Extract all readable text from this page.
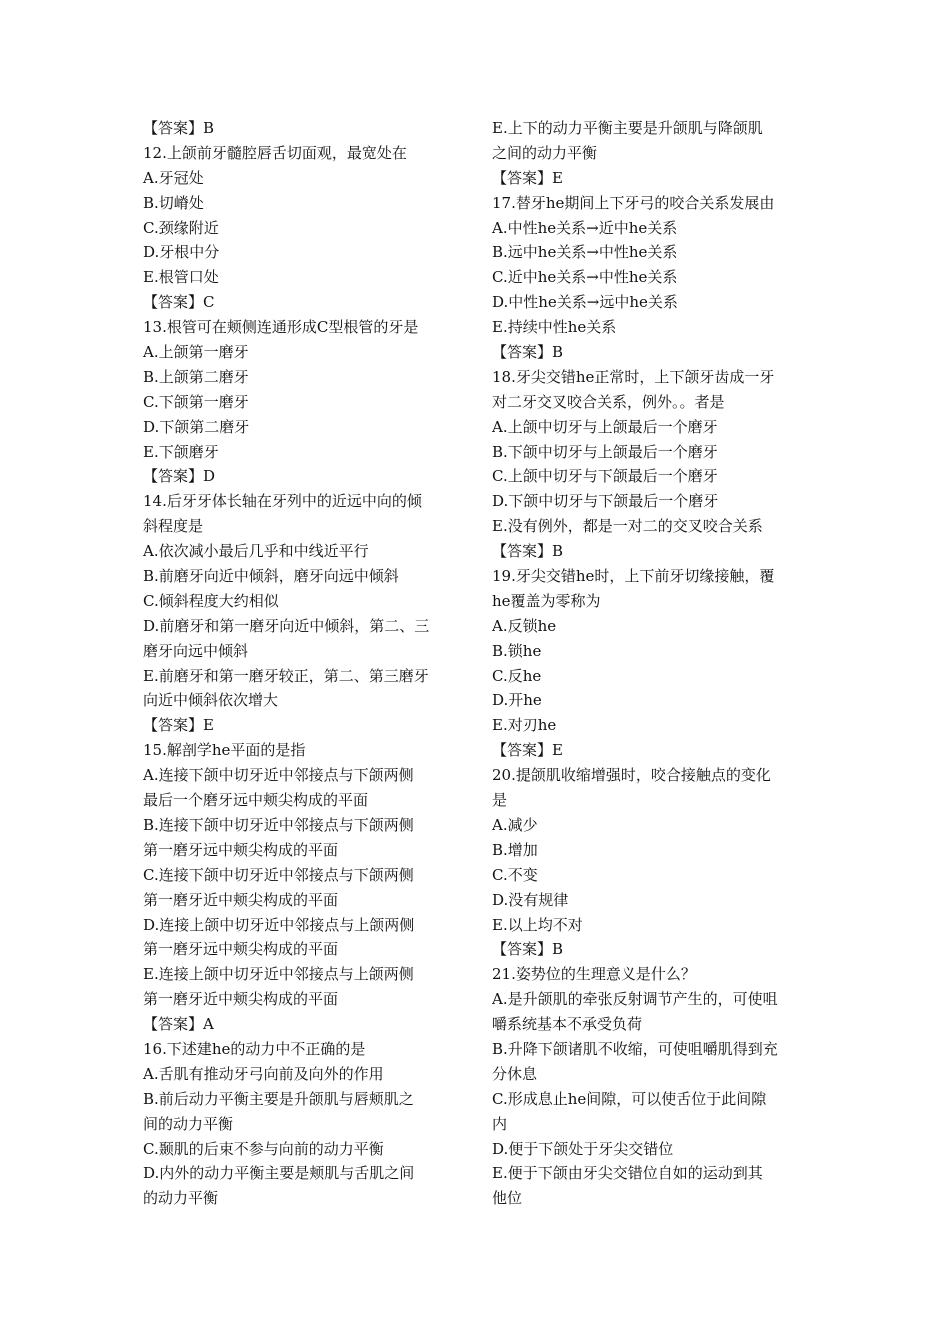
【答案】B
12.上颌前牙髓腔唇舌切面观，最宽处在
A.牙冠处
B.切嵴处
C.颈缘附近
D.牙根中分
E.根管口处
【答案】C
13.根管可在颊侧连通形成C型根管的牙是
A.上颌第一磨牙
B.上颌第二磨牙
C.下颌第一磨牙
D.下颌第二磨牙
E.下颌磨牙
【答案】D
14.后牙牙体长轴在牙列中的近远中向的倾
斜程度是
A.依次减小最后几乎和中线近平行
B.前磨牙向近中倾斜，磨牙向远中倾斜
C.倾斜程度大约相似
D.前磨牙和第一磨牙向近中倾斜，第二、三
磨牙向远中倾斜
E.前磨牙和第一磨牙较正，第二、第三磨牙
向近中倾斜依次增大
【答案】E
15.解剖学he平面的是指
A.连接下颌中切牙近中邻接点与下颌两侧
最后一个磨牙远中颊尖构成的平面
B.连接下颌中切牙近中邻接点与下颌两侧
第一磨牙远中颊尖构成的平面
C.连接下颌中切牙近中邻接点与下颌两侧
第一磨牙近中颊尖构成的平面
D.连接上颌中切牙近中邻接点与上颌两侧
第一磨牙远中颊尖构成的平面
E.连接上颌中切牙近中邻接点与上颌两侧
第一磨牙近中颊尖构成的平面
【答案】A
16.下述建he的动力中不正确的是
A.舌肌有推动牙弓向前及向外的作用
B.前后动力平衡主要是升颌肌与唇颊肌之
间的动力平衡
C.颞肌的后束不参与向前的动力平衡
D.内外的动力平衡主要是颊肌与舌肌之间
的动力平衡
E.上下的动力平衡主要是升颌肌与降颌肌
之间的动力平衡
【答案】E
17.替牙he期间上下牙弓的咬合关系发展由
A.中性he关系→近中he关系
B.远中he关系→中性he关系
C.近中he关系→中性he关系
D.中性he关系→远中he关系
E.持续中性he关系
【答案】B
18.牙尖交错he正常时，上下颌牙齿成一牙
对二牙交叉咬合关系，例外。。者是
A.上颌中切牙与上颌最后一个磨牙
B.下颌中切牙与上颌最后一个磨牙
C.上颌中切牙与下颌最后一个磨牙
D.下颌中切牙与下颌最后一个磨牙
E.没有例外，都是一对二的交叉咬合关系
【答案】B
19.牙尖交错he时，上下前牙切缘接触，覆
he覆盖为零称为
A.反锁he
B.锁he
C.反he
D.开he
E.对刃he
【答案】E
20.提颌肌收缩增强时，咬合接触点的变化
是
A.减少
B.增加
C.不变
D.没有规律
E.以上均不对
【答案】B
21.姿势位的生理意义是什么？
A.是升颌肌的牵张反射调节产生的，可使咀
嚼系统基本不承受负荷
B.升降下颌诸肌不收缩，可使咀嚼肌得到充
分休息
C.形成息止he间隙，可以使舌位于此间隙
内
D.便于下颌处于牙尖交错位
E.便于下颌由牙尖交错位自如的运动到其
他位
